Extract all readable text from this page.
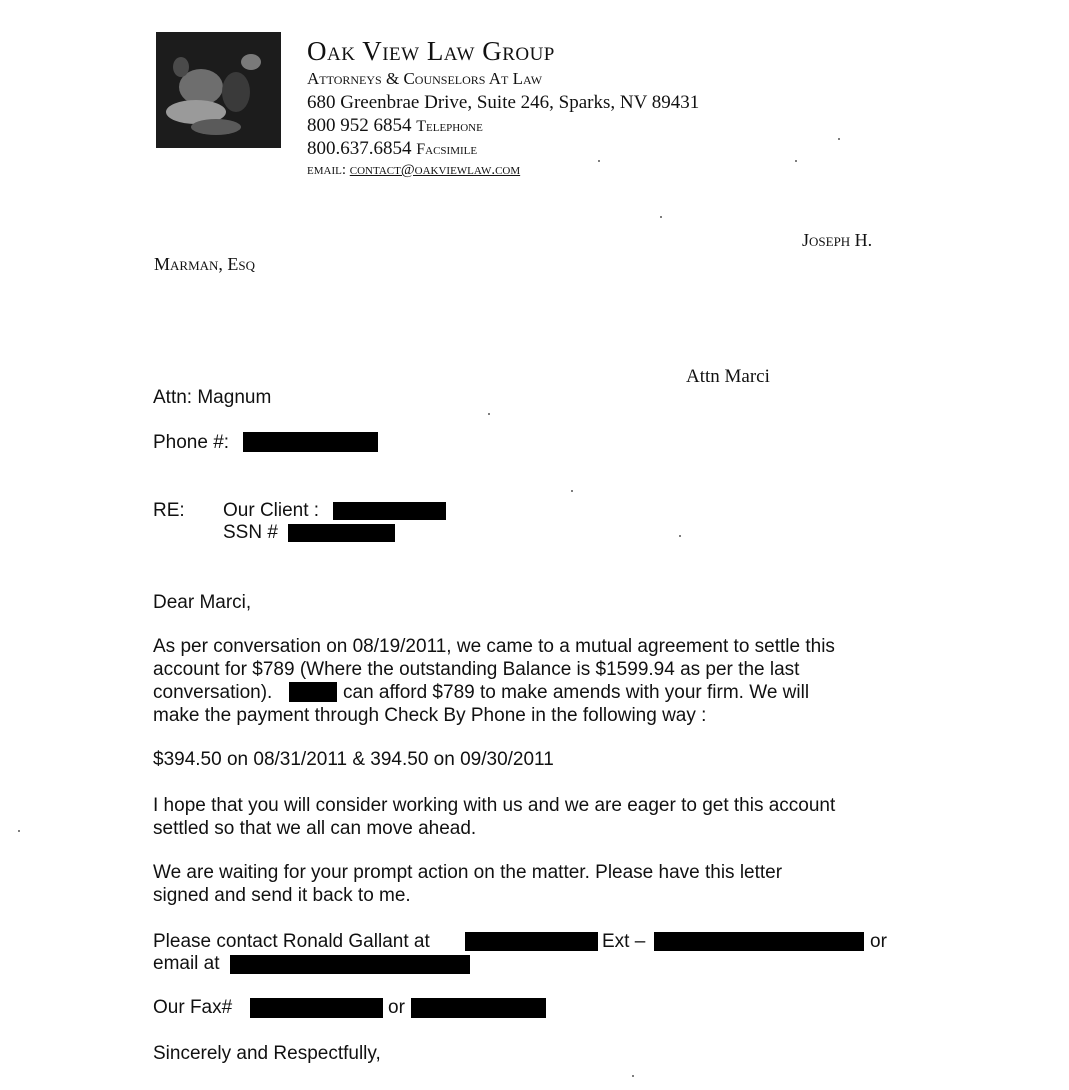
Oak View Law Group
Attorneys & Counselors At Law
680 Greenbrae Drive, Suite 246, Sparks, NV 89431
800 952 6854 Telephone
800.637.6854 Facsimile
email: contact@oakviewlaw.com
Joseph H.
Marman, Esq
Attn Marci
Attn: Magnum
Phone #:
RE: Our Client :
SSN #
Dear Marci,
As per conversation on 08/19/2011, we came to a mutual agreement to settle this
account for $789 (Where the outstanding Balance is $1599.94 as per the last
conversation).	can afford $789 to make amends with your firm. We will
make the payment through Check By Phone in the following way :
$394.50 on 08/31/2011 & 394.50 on 09/30/2011
I hope that you will consider working with us and we are eager to get this account
settled so that we all can move ahead.
We are waiting for your prompt action on the matter. Please have this letter
signed and send it back to me.
Please contact Ronald Gallant at	Ext –	or
email at
Our Fax#	or
Sincerely and Respectfully,
